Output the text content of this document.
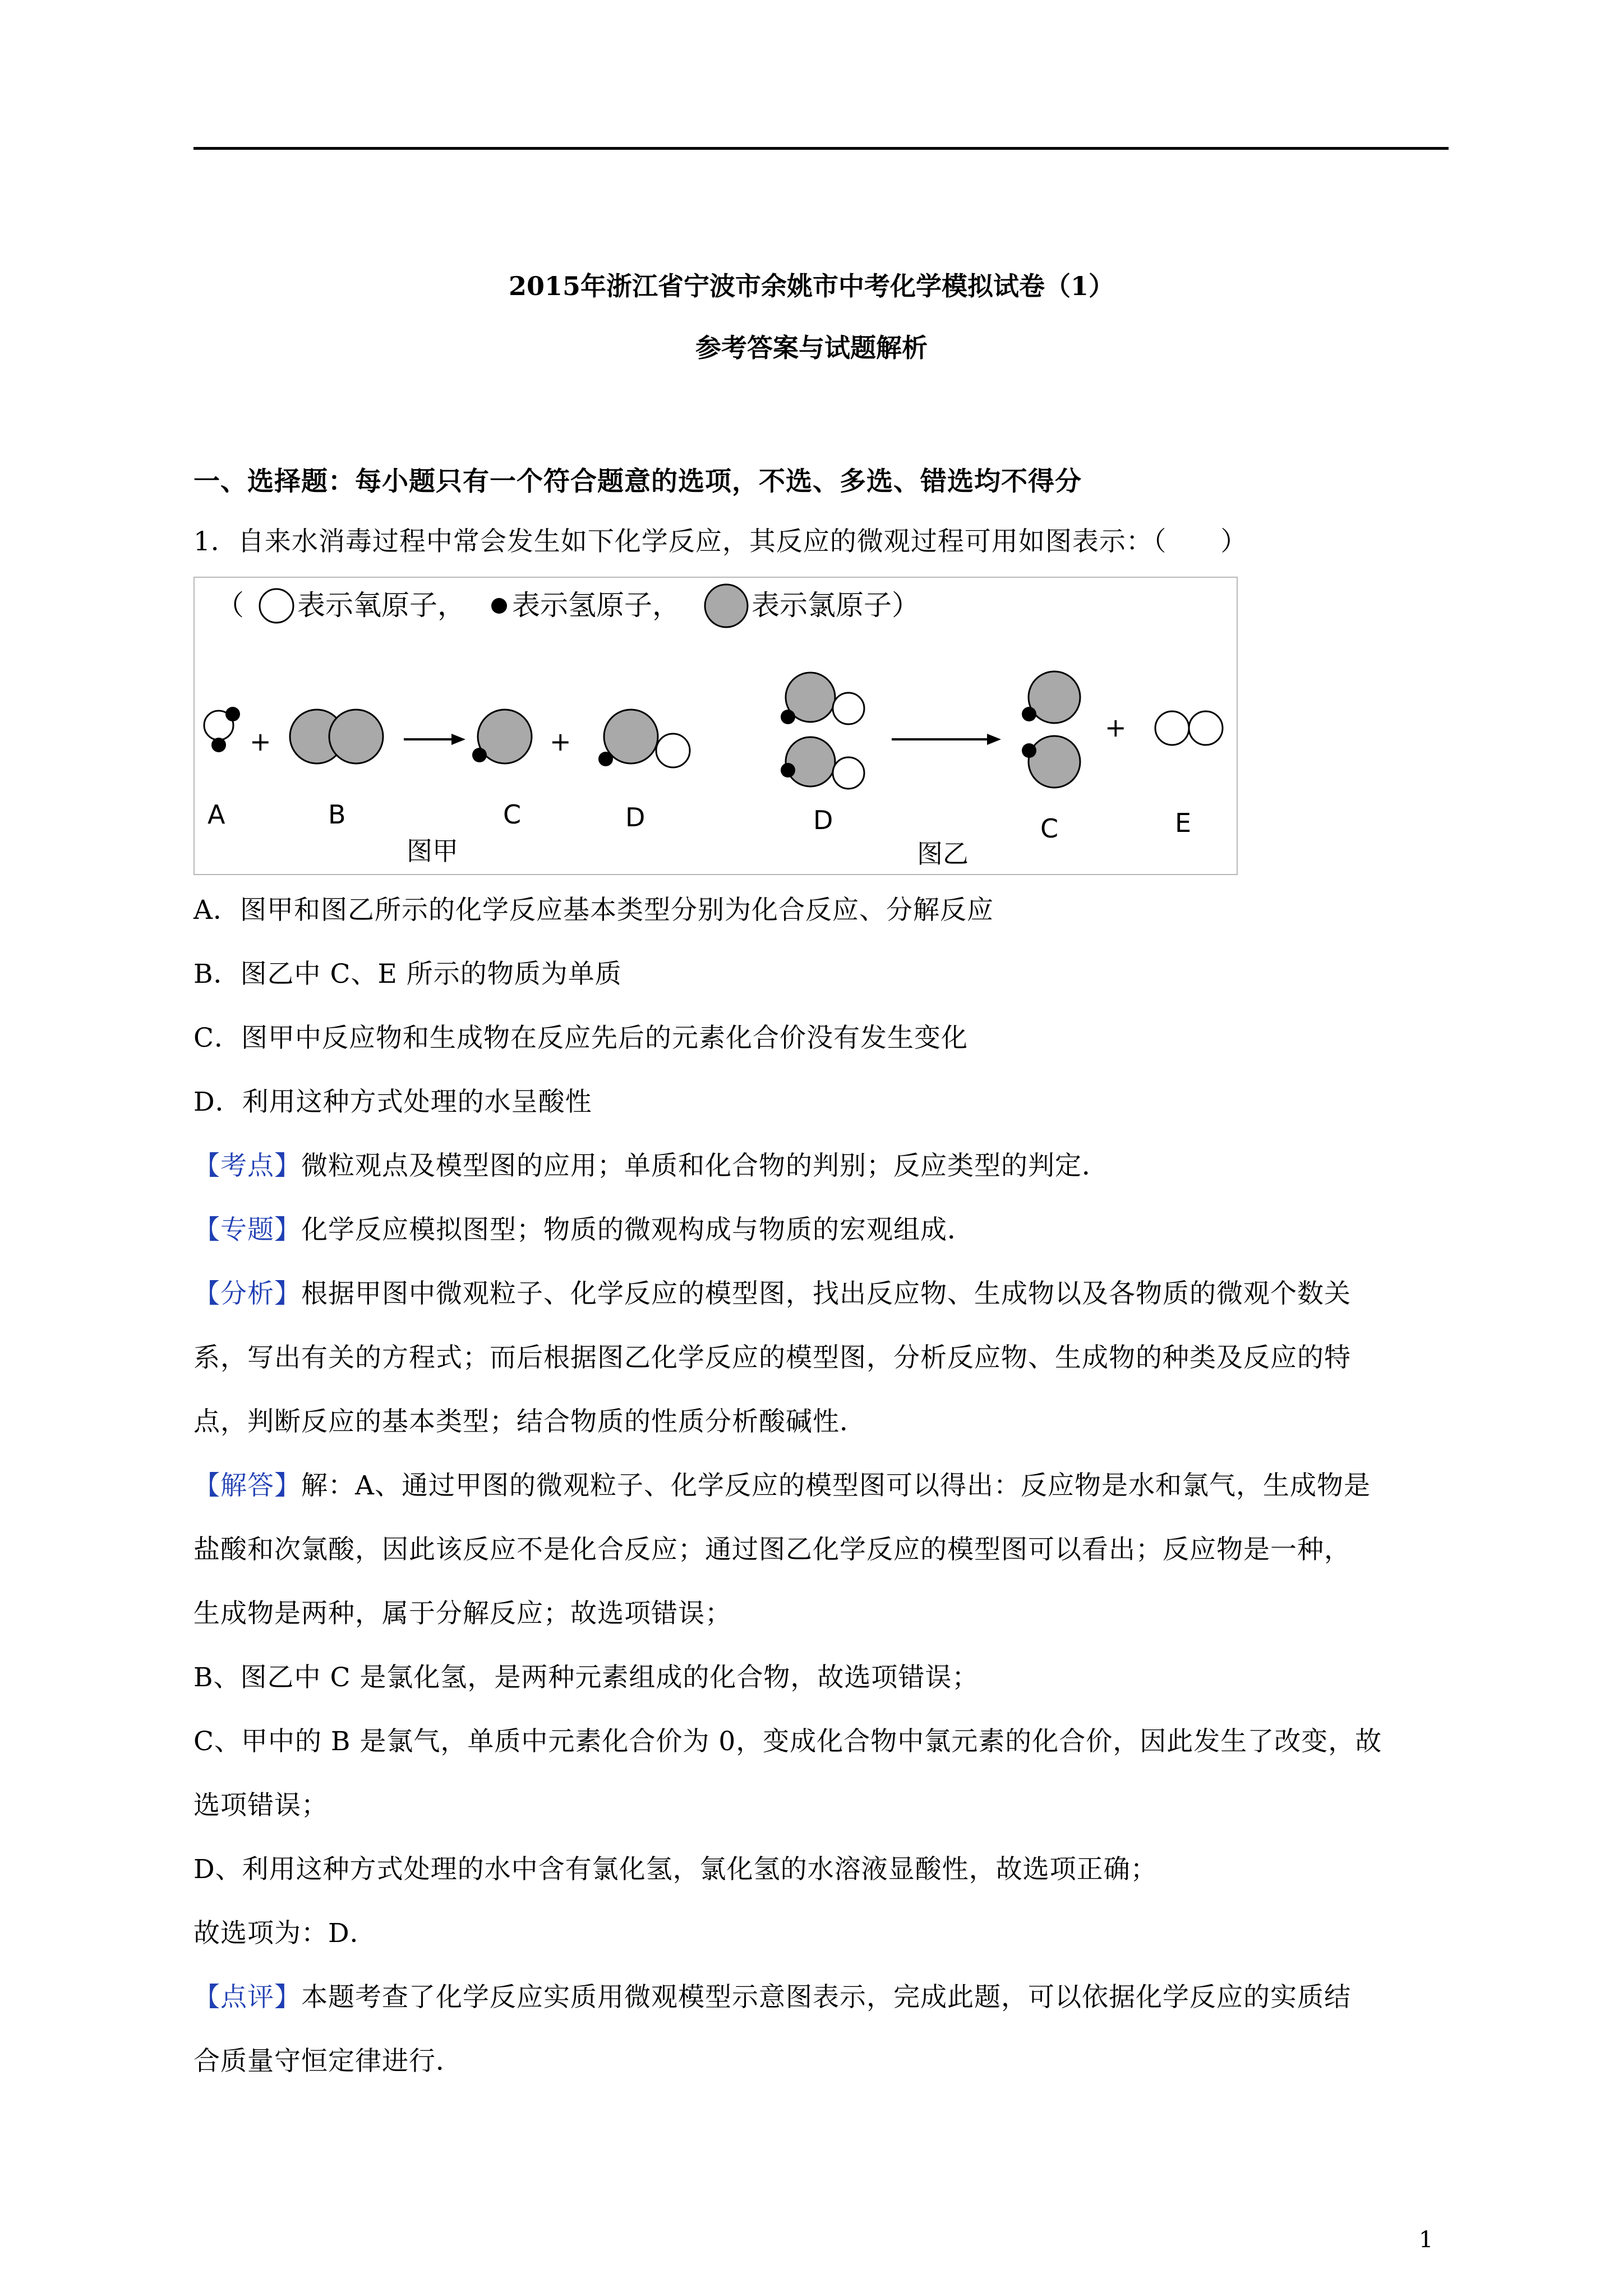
2015年浙江省宁波市余姚市中考化学模拟试卷（1）
参考答案与试题解析
一、选择题：每小题只有一个符合题意的选项，不选、多选、错选均不得分
1．自来水消毒过程中常会发生如下化学反应，其反应的微观过程可用如图表示：（　　）
（ 表示氧原子， 表示氢原子，	表示氯原子）
+	+	+
A	B	C	D
图甲
D	C	E
图乙
A．图甲和图乙所示的化学反应基本类型分别为化合反应、分解反应
B．图乙中 C、E 所示的物质为单质
C．图甲中反应物和生成物在反应先后的元素化合价没有发生变化
D．利用这种方式处理的水呈酸性
【考点】微粒观点及模型图的应用；单质和化合物的判别；反应类型的判定．
【专题】化学反应模拟图型；物质的微观构成与物质的宏观组成．
【分析】根据甲图中微观粒子、化学反应的模型图，找出反应物、生成物以及各物质的微观个数关
系，写出有关的方程式；而后根据图乙化学反应的模型图，分析反应物、生成物的种类及反应的特
点，判断反应的基本类型；结合物质的性质分析酸碱性．
【解答】解：A、通过甲图的微观粒子、化学反应的模型图可以得出：反应物是水和氯气，生成物是
盐酸和次氯酸，因此该反应不是化合反应；通过图乙化学反应的模型图可以看出；反应物是一种，
生成物是两种，属于分解反应；故选项错误；
B、图乙中 C 是氯化氢，是两种元素组成的化合物，故选项错误；
C、甲中的 B 是氯气，单质中元素化合价为 0，变成化合物中氯元素的化合价，因此发生了改变，故
选项错误；
D、利用这种方式处理的水中含有氯化氢，氯化氢的水溶液显酸性，故选项正确；
故选项为：D．
【点评】本题考查了化学反应实质用微观模型示意图表示，完成此题，可以依据化学反应的实质结
合质量守恒定律进行．
1
